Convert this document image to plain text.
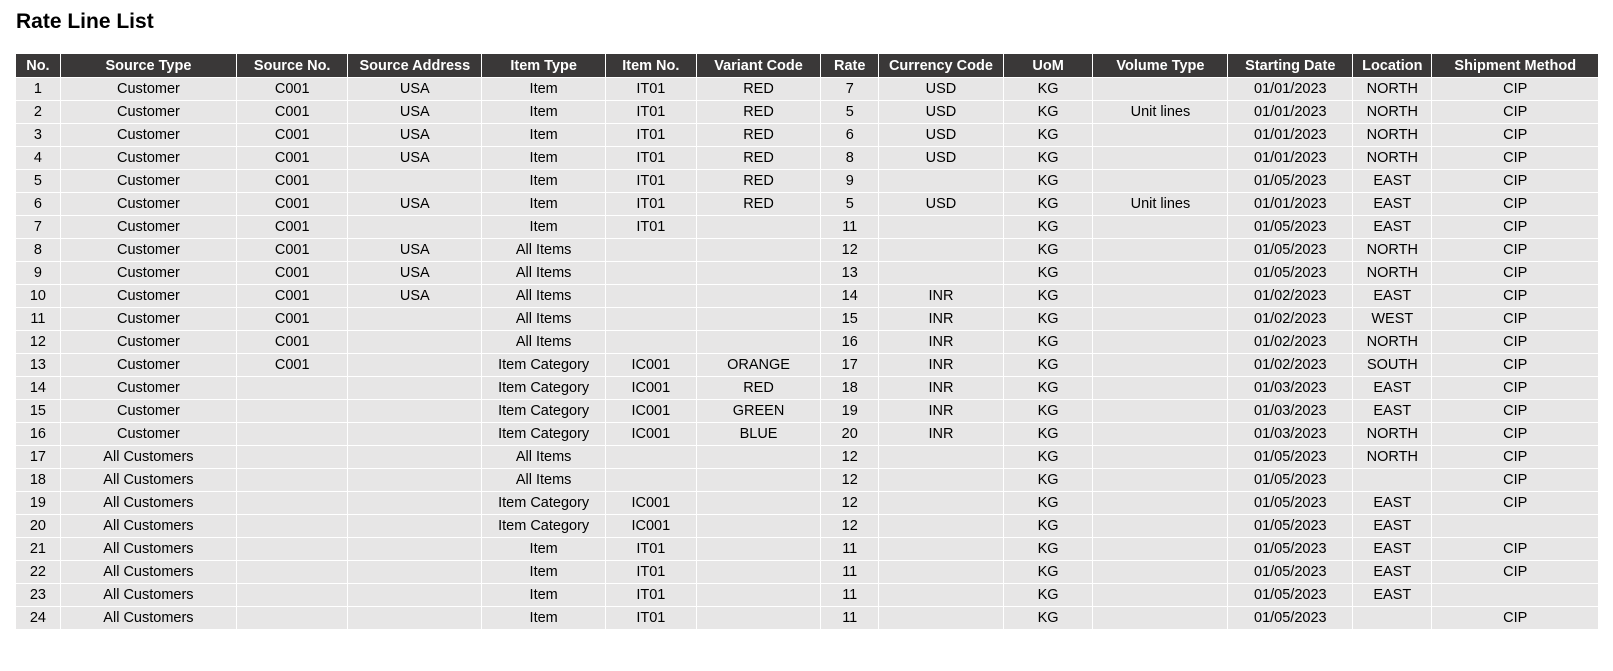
Rate Line List
No.	Source Type	Source No.	Source Address	Item Type	Item No.	Variant Code	Rate	Currency Code	UoM	Volume Type	Starting Date	Location	Shipment Method
1	Customer	C001	USA	Item	IT01	RED	7	USD	KG		01/01/2023	NORTH	CIP
2	Customer	C001	USA	Item	IT01	RED	5	USD	KG	Unit lines	01/01/2023	NORTH	CIP
3	Customer	C001	USA	Item	IT01	RED	6	USD	KG		01/01/2023	NORTH	CIP
4	Customer	C001	USA	Item	IT01	RED	8	USD	KG		01/01/2023	NORTH	CIP
5	Customer	C001		Item	IT01	RED	9		KG		01/05/2023	EAST	CIP
6	Customer	C001	USA	Item	IT01	RED	5	USD	KG	Unit lines	01/01/2023	EAST	CIP
7	Customer	C001		Item	IT01		11		KG		01/05/2023	EAST	CIP
8	Customer	C001	USA	All Items			12		KG		01/05/2023	NORTH	CIP
9	Customer	C001	USA	All Items			13		KG		01/05/2023	NORTH	CIP
10	Customer	C001	USA	All Items			14	INR	KG		01/02/2023	EAST	CIP
11	Customer	C001		All Items			15	INR	KG		01/02/2023	WEST	CIP
12	Customer	C001		All Items			16	INR	KG		01/02/2023	NORTH	CIP
13	Customer	C001		Item Category	IC001	ORANGE	17	INR	KG		01/02/2023	SOUTH	CIP
14	Customer			Item Category	IC001	RED	18	INR	KG		01/03/2023	EAST	CIP
15	Customer			Item Category	IC001	GREEN	19	INR	KG		01/03/2023	EAST	CIP
16	Customer			Item Category	IC001	BLUE	20	INR	KG		01/03/2023	NORTH	CIP
17	All Customers			All Items			12		KG		01/05/2023	NORTH	CIP
18	All Customers			All Items			12		KG		01/05/2023		CIP
19	All Customers			Item Category	IC001		12		KG		01/05/2023	EAST	CIP
20	All Customers			Item Category	IC001		12		KG		01/05/2023	EAST	
21	All Customers			Item	IT01		11		KG		01/05/2023	EAST	CIP
22	All Customers			Item	IT01		11		KG		01/05/2023	EAST	CIP
23	All Customers			Item	IT01		11		KG		01/05/2023	EAST	
24	All Customers			Item	IT01		11		KG		01/05/2023		CIP
